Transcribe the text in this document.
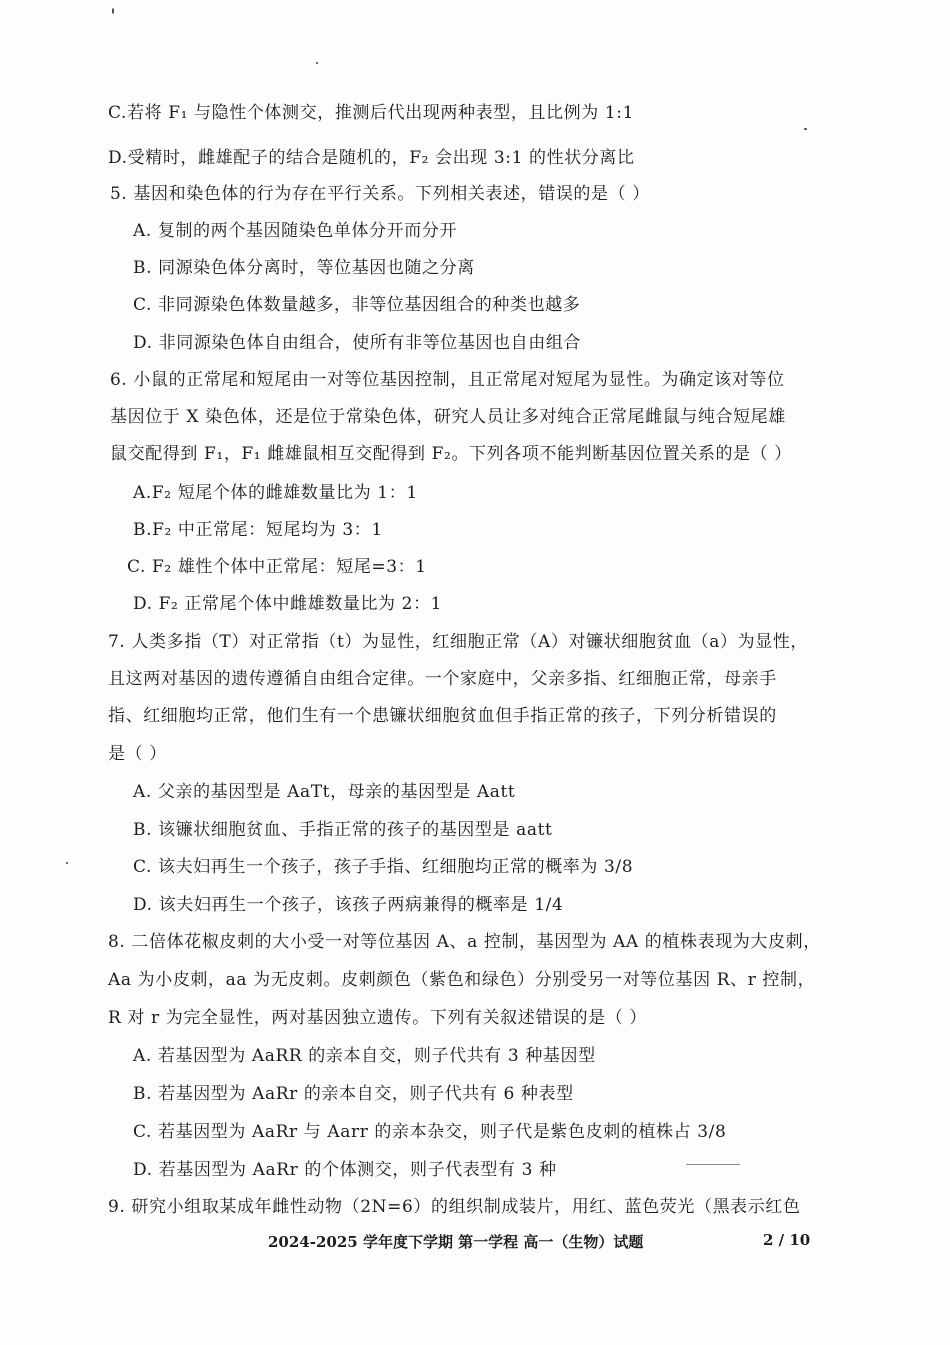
C.若将 F₁ 与隐性个体测交，推测后代出现两种表型，且比例为 1:1
D.受精时，雌雄配子的结合是随机的，F₂ 会出现 3:1 的性状分离比
5. 基因和染色体的行为存在平行关系。下列相关表述，错误的是（ ）
A. 复制的两个基因随染色单体分开而分开
B. 同源染色体分离时，等位基因也随之分离
C. 非同源染色体数量越多，非等位基因组合的种类也越多
D. 非同源染色体自由组合，使所有非等位基因也自由组合
6. 小鼠的正常尾和短尾由一对等位基因控制，且正常尾对短尾为显性。为确定该对等位
基因位于 X 染色体，还是位于常染色体，研究人员让多对纯合正常尾雌鼠与纯合短尾雄
鼠交配得到 F₁，F₁ 雌雄鼠相互交配得到 F₂。下列各项不能判断基因位置关系的是（ ）
A.F₂ 短尾个体的雌雄数量比为 1：1
B.F₂ 中正常尾：短尾均为 3：1
C. F₂ 雄性个体中正常尾：短尾=3：1
D. F₂ 正常尾个体中雌雄数量比为 2：1
7. 人类多指（T）对正常指（t）为显性，红细胞正常（A）对镰状细胞贫血（a）为显性，
且这两对基因的遗传遵循自由组合定律。一个家庭中，父亲多指、红细胞正常，母亲手
指、红细胞均正常，他们生有一个患镰状细胞贫血但手指正常的孩子，下列分析错误的
是（ ）
A. 父亲的基因型是 AaTt，母亲的基因型是 Aatt
B. 该镰状细胞贫血、手指正常的孩子的基因型是 aatt
C. 该夫妇再生一个孩子，孩子手指、红细胞均正常的概率为 3/8
D. 该夫妇再生一个孩子，该孩子两病兼得的概率是 1/4
8. 二倍体花椒皮刺的大小受一对等位基因 A、a 控制，基因型为 AA 的植株表现为大皮刺，
Aa 为小皮刺，aa 为无皮刺。皮刺颜色（紫色和绿色）分别受另一对等位基因 R、r 控制，
R 对 r 为完全显性，两对基因独立遗传。下列有关叙述错误的是（ ）
A. 若基因型为 AaRR 的亲本自交，则子代共有 3 种基因型
B. 若基因型为 AaRr 的亲本自交，则子代共有 6 种表型
C. 若基因型为 AaRr 与 Aarr 的亲本杂交，则子代是紫色皮刺的植株占 3/8
D. 若基因型为 AaRr 的个体测交，则子代表型有 3 种
9. 研究小组取某成年雌性动物（2N=6）的组织制成装片，用红、蓝色荧光（黑表示红色
2024-2025 学年度下学期 第一学程 高一（生物）试题	2 / 10
